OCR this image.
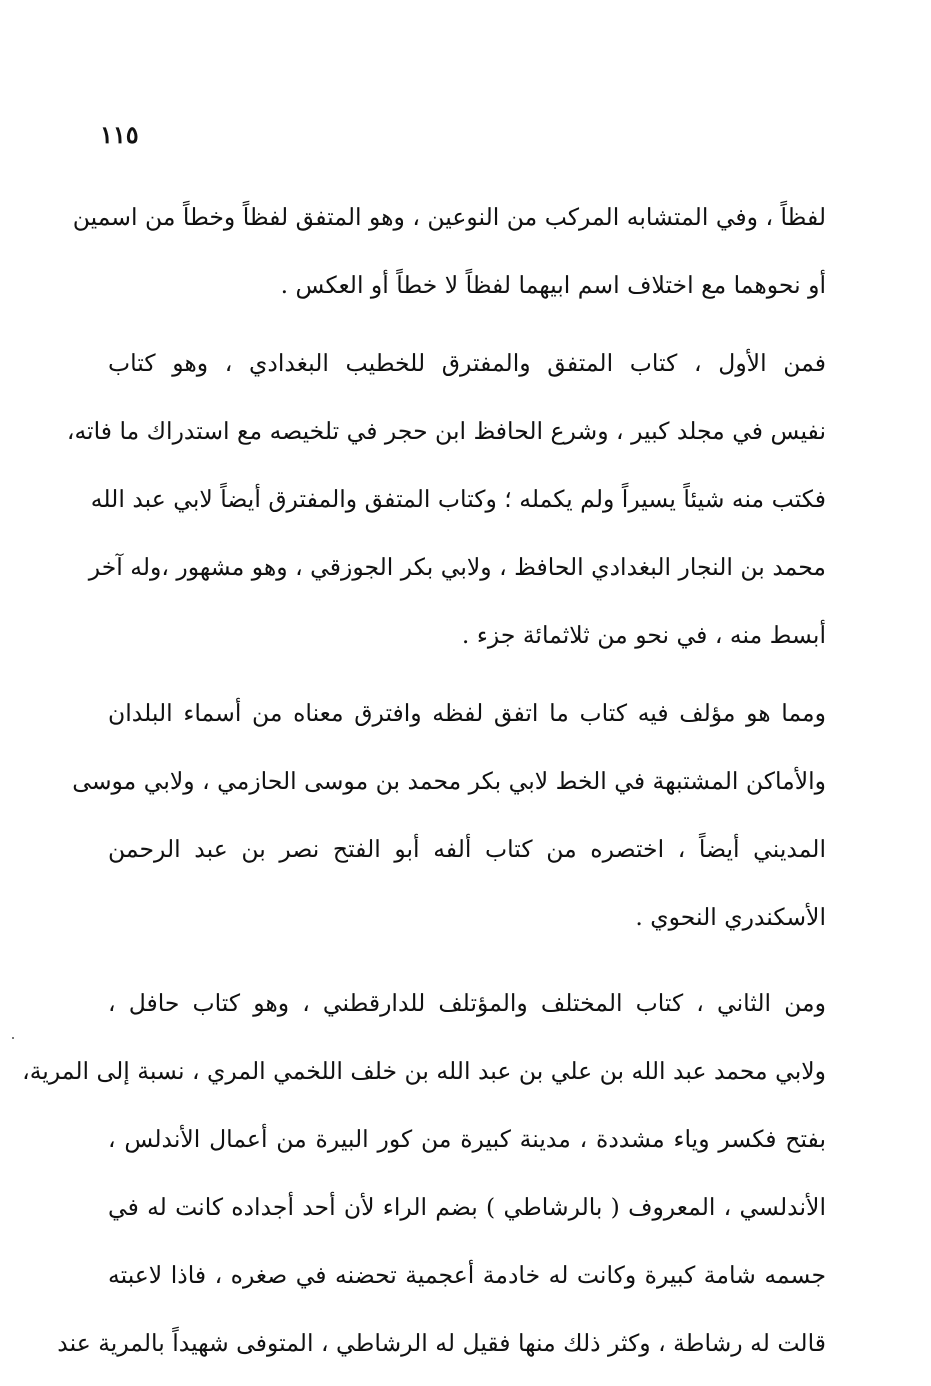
١١٥
لفظاً ، وفي المتشابه المركب من النوعين ، وهو المتفق لفظاً وخطاً من اسمين
أو نحوهما مع اختلاف اسم ابيهما لفظاً لا خطاً أو العكس .
فمن الأول ، كتاب المتفق والمفترق للخطيب البغدادي ، وهو كتاب
نفيس في مجلد كبير ، وشرع الحافظ ابن حجر في تلخيصه مع استدراك ما فاته،
فكتب منه شيئاً يسيراً ولم يكمله ؛ وكتاب المتفق والمفترق أيضاً لابي عبد الله
محمد بن النجار البغدادي الحافظ ، ولابي بكر الجوزقي ، وهو مشهور ،وله آخر
أبسط منه ، في نحو من ثلاثمائة جزء .
ومما هو مؤلف فيه كتاب ما اتفق لفظه وافترق معناه من أسماء البلدان
والأماكن المشتبهة في الخط لابي بكر محمد بن موسى الحازمي ، ولابي موسى
المديني أيضاً ، اختصره من كتاب ألفه أبو الفتح نصر بن عبد الرحمن
الأسكندري النحوي .
ومن الثاني ، كتاب المختلف والمؤتلف للدارقطني ، وهو كتاب حافل ،
ولابي محمد عبد الله بن علي بن عبد الله بن خلف اللخمي المري ، نسبة إلى المرية،
بفتح فكسر وياء مشددة ، مدينة كبيرة من كور البيرة من أعمال الأندلس ،
الأندلسي ، المعروف ( بالرشاطي ) بضم الراء لأن أحد أجداده كانت له في
جسمه شامة كبيرة وكانت له خادمة أعجمية تحضنه في صغره ، فاذا لاعبته
قالت له رشاطة ، وكثر ذلك منها فقيل له الرشاطي ، المتوفى شهيداً بالمرية عند
